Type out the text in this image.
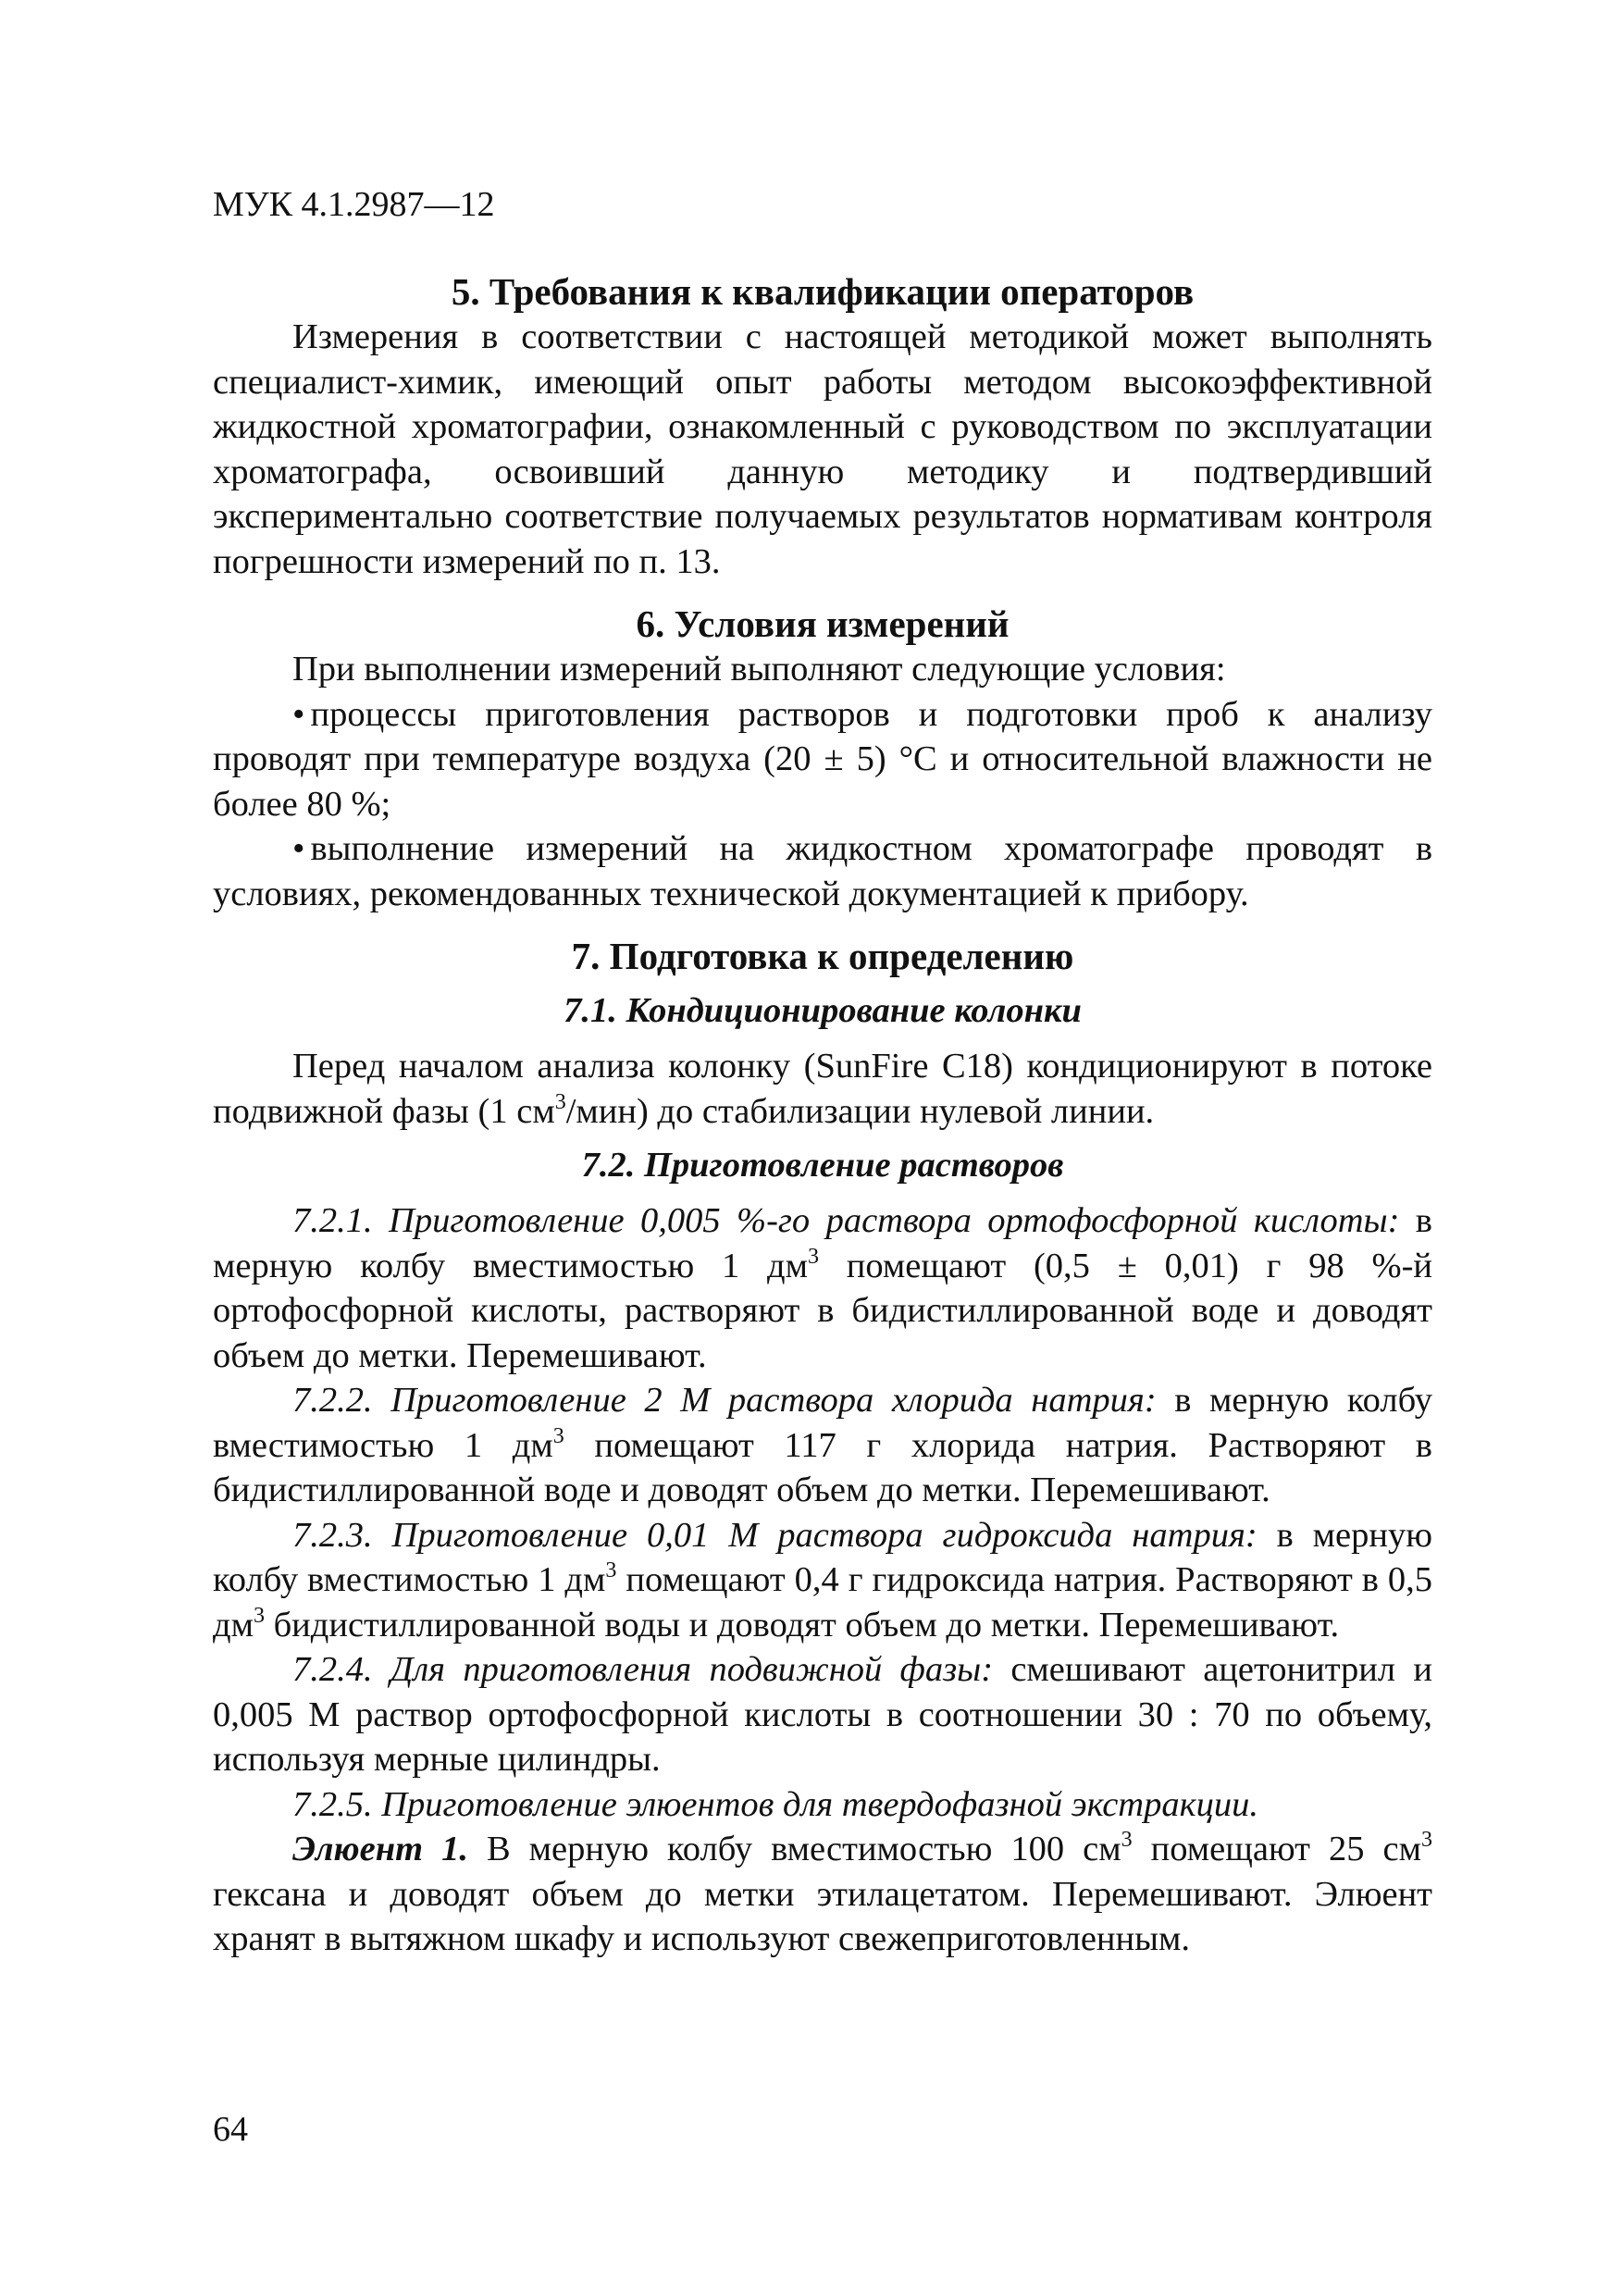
МУК 4.1.2987—12
5. Требования к квалификации операторов

Измерения в соответствии с настоящей методикой может выполнять специалист-химик, имеющий опыт работы методом высокоэффективной жидкостной хроматографии, ознакомленный с руководством по эксплуатации хроматографа, освоивший данную методику и подтвердивший экспериментально соответствие получаемых результатов нормативам контроля погрешности измерений по п. 13.

6. Условия измерений

При выполнении измерений выполняют следующие условия:

• процессы приготовления растворов и подготовки проб к анализу проводят при температуре воздуха (20 ± 5) °С и относительной влажности не более 80 %;

• выполнение измерений на жидкостном хроматографе проводят в условиях, рекомендованных технической документацией к прибору.

7. Подготовка к определению
7.1. Кондиционирование колонки

Перед началом анализа колонку (SunFire C18) кондиционируют в потоке подвижной фазы (1 $см^3/мин$) до стабилизации нулевой линии.

7.2. Приготовление растворов

7.2.1. Приготовление 0,005 %-го раствора ортофосфорной кислоты: в мерную колбу вместимостью 1 $дм^3$ помещают (0,5 ± 0,01) г 98 %-й ортофосфорной кислоты, растворяют в бидистиллированной воде и доводят объем до метки. Перемешивают.

7.2.2. Приготовление 2 М раствора хлорида натрия: в мерную колбу вместимостью 1 $дм^3$ помещают 117 г хлорида натрия. Растворяют в бидистиллированной воде и доводят объем до метки. Перемешивают.

7.2.3. Приготовление 0,01 М раствора гидроксида натрия: в мерную колбу вместимостью 1 $дм^3$ помещают 0,4 г гидроксида натрия. Растворяют в 0,5 $дм^3$ бидистиллированной воды и доводят объем до метки. Перемешивают.

7.2.4. Для приготовления подвижной фазы: смешивают ацетонитрил и 0,005 М раствор ортофосфорной кислоты в соотношении 30 : 70 по объему, используя мерные цилиндры.

7.2.5. Приготовление элюентов для твердофазной экстракции.

Элюент 1. В мерную колбу вместимостью 100 $см^3$ помещают 25 $см^3$ гексана и доводят объем до метки этилацетатом. Перемешивают. Элюент хранят в вытяжном шкафу и используют свежеприготовленным.

64
